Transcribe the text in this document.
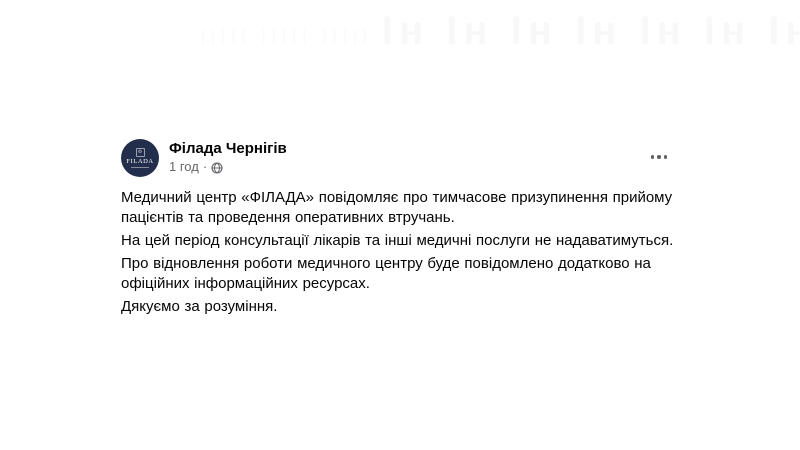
Ф
FILADA
Філада Чернігів
1 год ·

Медичний центр «ФІЛАДА» повідомляє про тимчасове призупинення прийому пацієнтів та проведення оперативних втручань.

На цей період консультації лікарів та інші медичні послуги не надаватимуться.

Про відновлення роботи медичного центру буде повідомлено додатково на офіційних інформаційних ресурсах.

Дякуємо за розуміння.
